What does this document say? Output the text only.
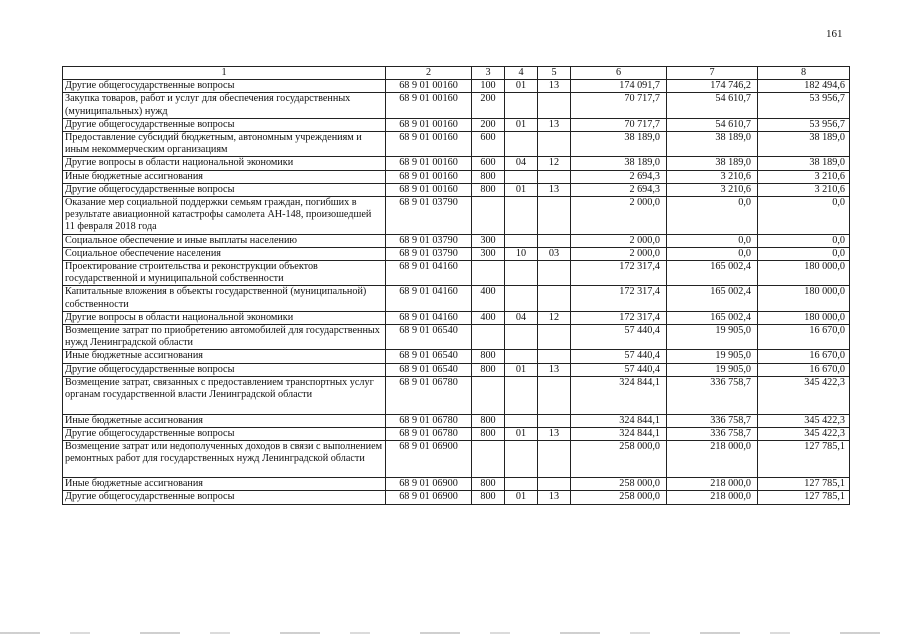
161
1	2	3	4	5	6	7	8
Другие общегосударственные вопросы	68 9 01 00160	100	01	13	174 091,7	174 746,2	182 494,6
Закупка товаров, работ и услуг для обеспечения государственных (муниципальных) нужд	68 9 01 00160	200			70 717,7	54 610,7	53 956,7
Другие общегосударственные вопросы	68 9 01 00160	200	01	13	70 717,7	54 610,7	53 956,7
Предоставление субсидий бюджетным, автономным учреждениям и иным некоммерческим организациям	68 9 01 00160	600			38 189,0	38 189,0	38 189,0
Другие вопросы в области национальной экономики	68 9 01 00160	600	04	12	38 189,0	38 189,0	38 189,0
Иные бюджетные ассигнования	68 9 01 00160	800			2 694,3	3 210,6	3 210,6
Другие общегосударственные вопросы	68 9 01 00160	800	01	13	2 694,3	3 210,6	3 210,6
Оказание мер социальной поддержки семьям граждан, погибших в результате авиационной катастрофы самолета АН-148, произошедшей 11 февраля 2018 года	68 9 01 03790				2 000,0	0,0	0,0
Социальное обеспечение и иные выплаты населению	68 9 01 03790	300			2 000,0	0,0	0,0
Социальное обеспечение населения	68 9 01 03790	300	10	03	2 000,0	0,0	0,0
Проектирование строительства и реконструкции объектов государственной и муниципальной собственности	68 9 01 04160				172 317,4	165 002,4	180 000,0
Капитальные вложения в объекты государственной (муниципальной) собственности	68 9 01 04160	400			172 317,4	165 002,4	180 000,0
Другие вопросы в области национальной экономики	68 9 01 04160	400	04	12	172 317,4	165 002,4	180 000,0
Возмещение затрат по приобретению автомобилей для государственных нужд Ленинградской области	68 9 01 06540				57 440,4	19 905,0	16 670,0
Иные бюджетные ассигнования	68 9 01 06540	800			57 440,4	19 905,0	16 670,0
Другие общегосударственные вопросы	68 9 01 06540	800	01	13	57 440,4	19 905,0	16 670,0
Возмещение затрат, связанных с предоставлением транспортных услуг органам государственной власти Ленинградской области	68 9 01 06780				324 844,1	336 758,7	345 422,3
Иные бюджетные ассигнования	68 9 01 06780	800			324 844,1	336 758,7	345 422,3
Другие общегосударственные вопросы	68 9 01 06780	800	01	13	324 844,1	336 758,7	345 422,3
Возмещение затрат или недополученных доходов в связи с выполнением ремонтных работ для государственных нужд Ленинградской области	68 9 01 06900				258 000,0	218 000,0	127 785,1
Иные бюджетные ассигнования	68 9 01 06900	800			258 000,0	218 000,0	127 785,1
Другие общегосударственные вопросы	68 9 01 06900	800	01	13	258 000,0	218 000,0	127 785,1
